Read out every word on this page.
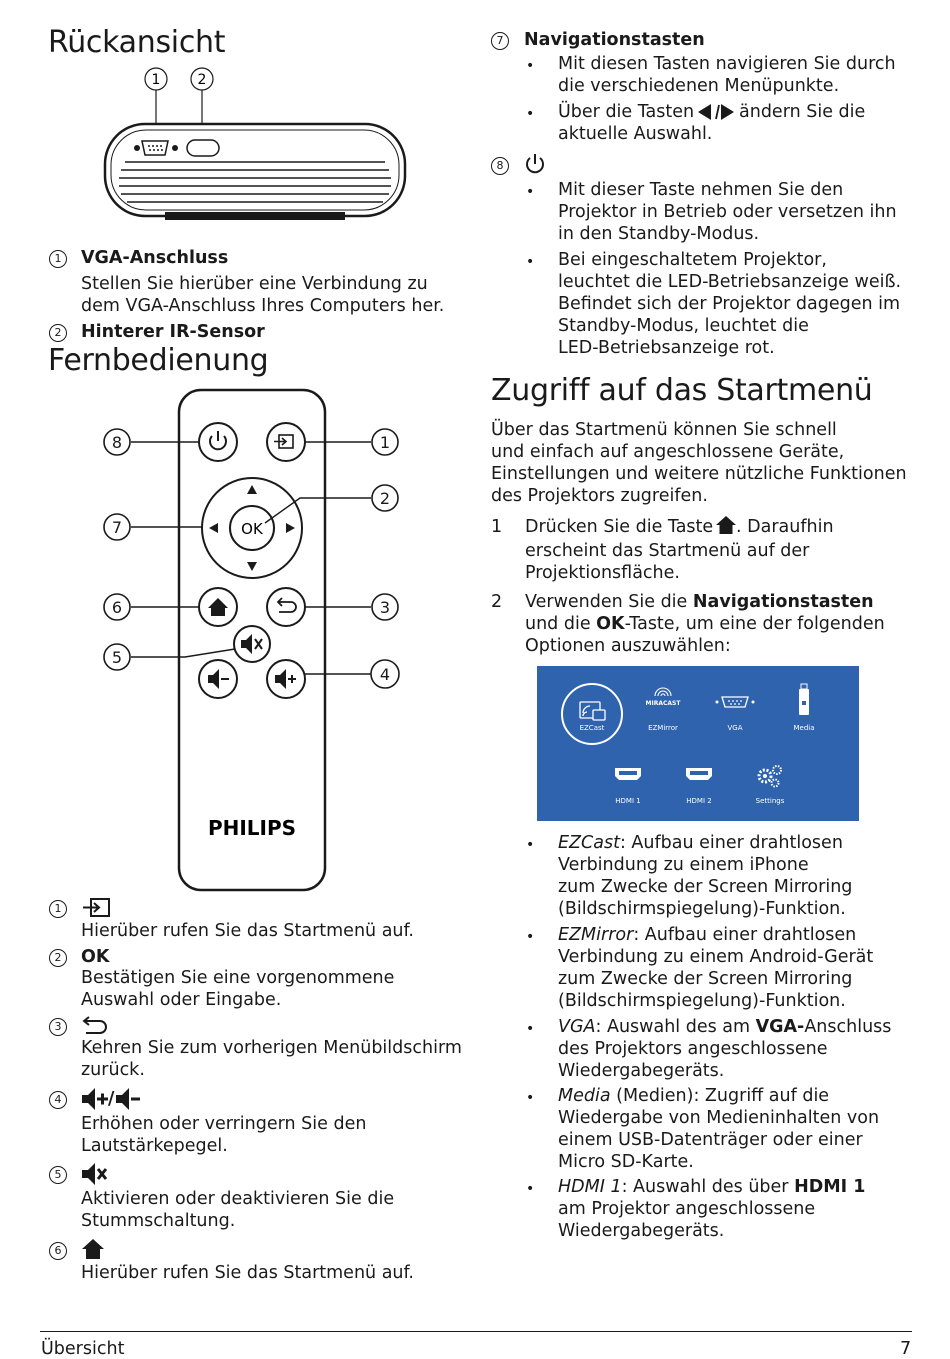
Rückansicht
1	2
1	VGA-Anschluss
Stellen Sie hierüber eine Verbindung zu
dem VGA-Anschluss Ihres Computers her.
2	Hinterer IR-Sensor
Fernbedienung
OK
PHILIPS
1
2
3
4
5
6
7
8
1
Hierüber rufen Sie das Startmenü auf.
2	OK
Bestätigen Sie eine vorgenommene
Auswahl oder Eingabe.
3
Kehren Sie zum vorherigen Menübildschirm
zurück.
4	/
Erhöhen oder verringern Sie den
Lautstärkepegel.
5
Aktivieren oder deaktivieren Sie die
Stummschaltung.
6
Hierüber rufen Sie das Startmenü auf.
7	Navigationstasten
• Mit diesen Tasten navigieren Sie durch
die verschiedenen Menüpunkte.
• Über die Tasten	ändern Sie die
aktuelle Auswahl.
8
• Mit dieser Taste nehmen Sie den
Projektor in Betrieb oder versetzen ihn
in den Standby-Modus.
• Bei eingeschaltetem Projektor,
leuchtet die LED-Betriebsanzeige weiß.
Befindet sich der Projektor dagegen im
Standby-Modus, leuchtet die
LED-Betriebsanzeige rot.
Zugriff auf das Startmenü
Über das Startmenü können Sie schnell
und einfach auf angeschlossene Geräte,
Einstellungen und weitere nützliche Funktionen
des Projektors zugreifen.
1 Drücken Sie die Taste . Daraufhin
erscheint das Startmenü auf der
Projektionsfläche.
2 Verwenden Sie die Navigationstasten
und die OK-Taste, um eine der folgenden
Optionen auszuwählen:
MIRACAST
EZCast	EZMirror	VGA	Media
HDMI 1	HDMI 2	Settings
• EZCast: Aufbau einer drahtlosen
Verbindung zu einem iPhone
zum Zwecke der Screen Mirroring
(Bildschirmspiegelung)-Funktion.
• EZMirror: Aufbau einer drahtlosen
Verbindung zu einem Android-Gerät
zum Zwecke der Screen Mirroring
(Bildschirmspiegelung)-Funktion.
• VGA: Auswahl des am VGA-Anschluss
des Projektors angeschlossene
Wiedergabegeräts.
• Media (Medien): Zugriff auf die
Wiedergabe von Medieninhalten von
einem USB-Datenträger oder einer
Micro SD-Karte.
• HDMI 1: Auswahl des über HDMI 1
am Projektor angeschlossene
Wiedergabegeräts.
Übersicht	7
